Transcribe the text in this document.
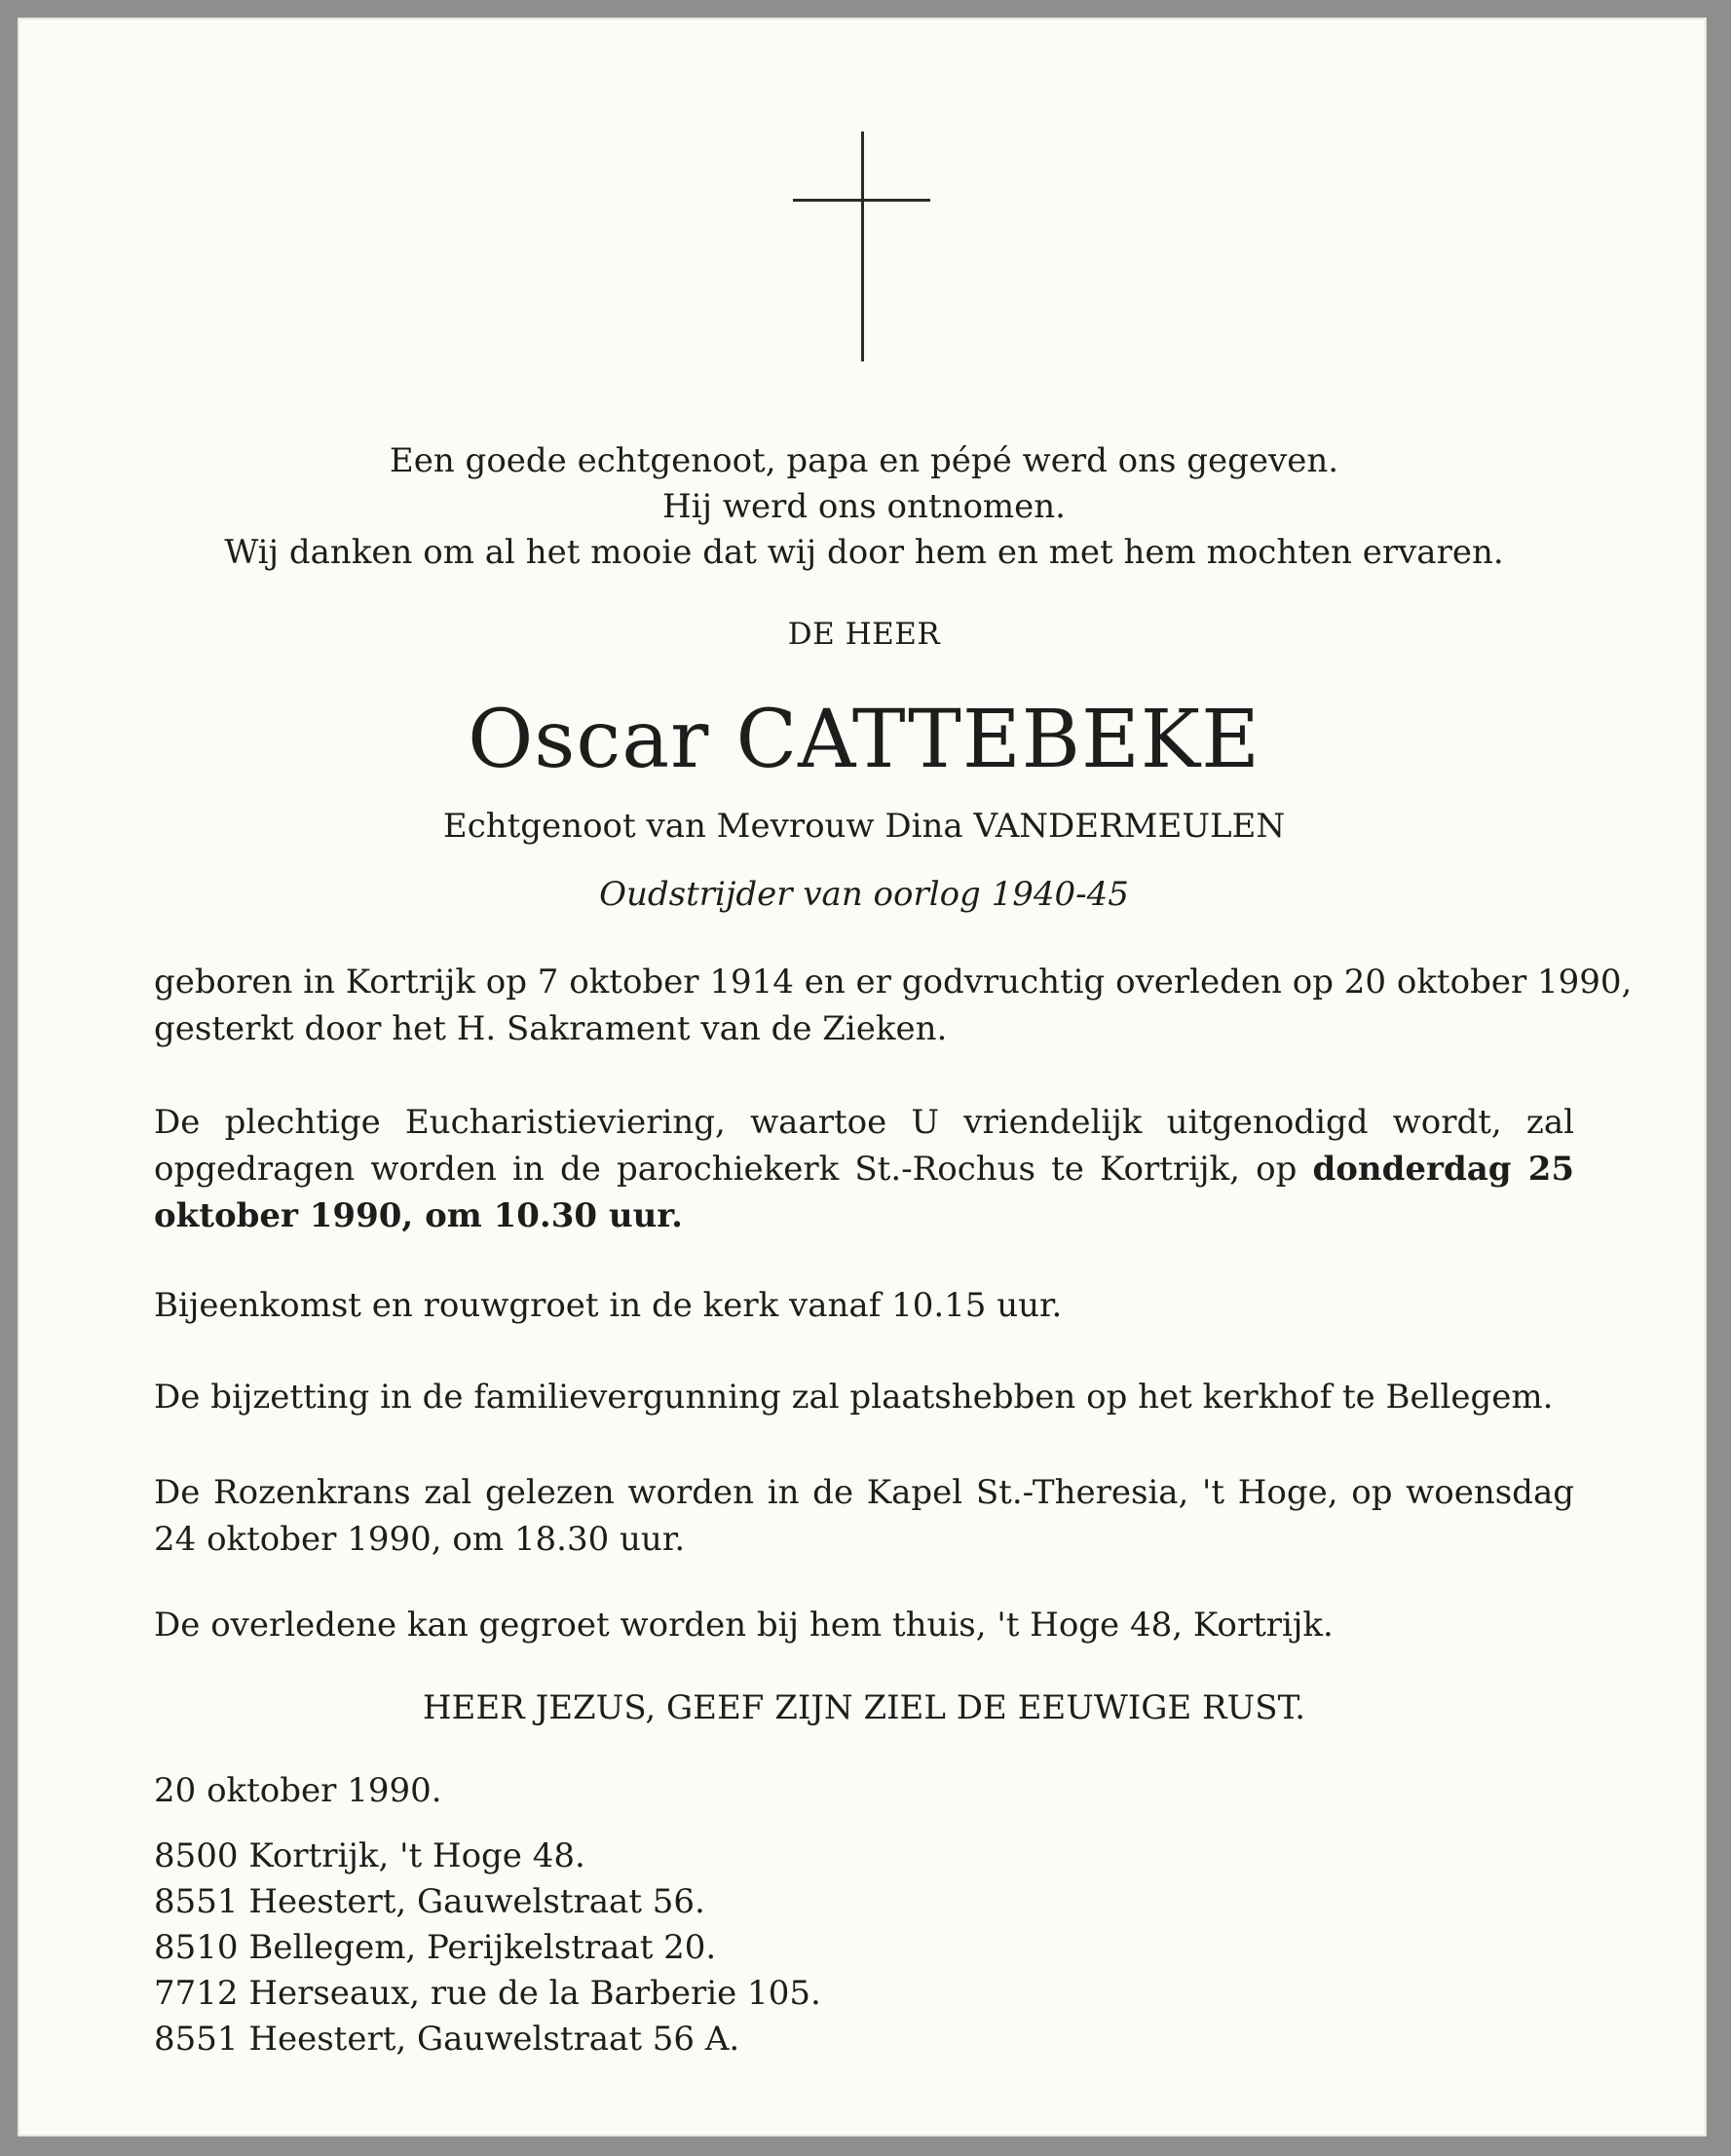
Een goede echtgenoot, papa en pépé werd ons gegeven.
Hij werd ons ontnomen.
Wij danken om al het mooie dat wij door hem en met hem mochten ervaren.

DE HEER

Oscar CATTEBEKE

Echtgenoot van Mevrouw Dina VANDERMEULEN

Oudstrijder van oorlog 1940-45

geboren in Kortrijk op 7 oktober 1914 en er godvruchtig overleden op 20 oktober 1990,
gesterkt door het H. Sakrament van de Zieken.

De plechtige Eucharistieviering, waartoe U vriendelijk uitgenodigd wordt, zal opgedragen worden in de parochiekerk St.-Rochus te Kortrijk, op donderdag 25 oktober 1990, om 10.30 uur.

Bijeenkomst en rouwgroet in de kerk vanaf 10.15 uur.

De bijzetting in de familievergunning zal plaatshebben op het kerkhof te Bellegem.

De Rozenkrans zal gelezen worden in de Kapel St.-Theresia, 't Hoge, op woensdag 24 oktober 1990, om 18.30 uur.

De overledene kan gegroet worden bij hem thuis, 't Hoge 48, Kortrijk.

HEER JEZUS, GEEF ZIJN ZIEL DE EEUWIGE RUST.

20 oktober 1990.

8500 Kortrijk, 't Hoge 48.
8551 Heestert, Gauwelstraat 56.
8510 Bellegem, Perijkelstraat 20.
7712 Herseaux, rue de la Barberie 105.
8551 Heestert, Gauwelstraat 56 A.
